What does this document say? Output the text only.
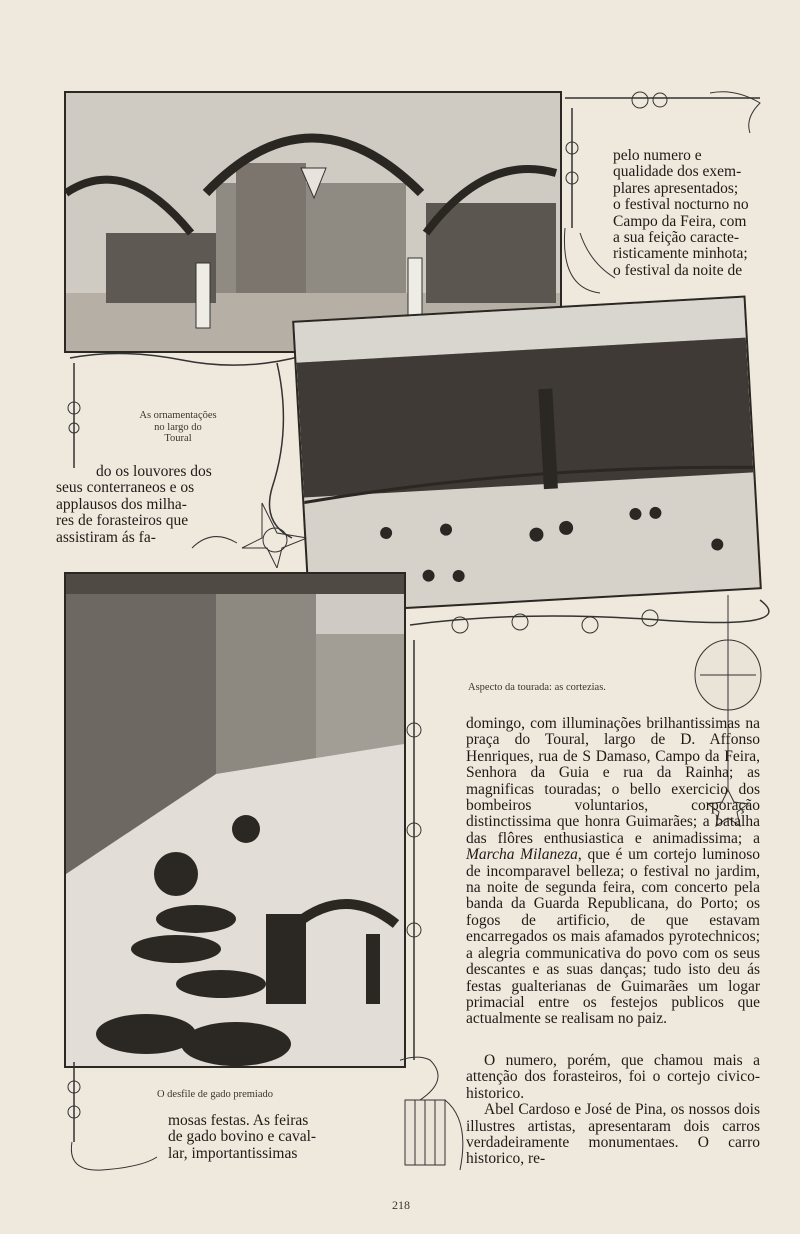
As ornamentações
no largo do
Toural
pelo numero e
qualidade dos exem-
plares apresentados;
o festival nocturno no
Campo da Feira, com
a sua feição caracte-
risticamente minhota;
o festival da noite de
do os louvores dos
seus conterraneos e os
applausos dos milha-
res de forasteiros que
assistiram ás fa-
Aspecto da tourada: as cortezias.

domingo, com illuminações brilhantissimas na praça do Toural, largo de D. Affonso Henriques, rua de S Damaso, Campo da Feira, Senhora da Guia e rua da Rainha; as magnificas touradas; o bello exercicio dos bombeiros voluntarios, corporação distinctissima que honra Guimarães; a batalha das flôres enthusiastica e animadissima; a Marcha Milaneza, que é um cortejo luminoso de incomparavel belleza; o festival no jardim, na noite de segunda feira, com concerto pela banda da Guarda Republicana, do Porto; os fogos de artificio, de que estavam encarregados os mais afamados pyrotechnicos; a alegria communicativa do povo com os seus descantes e as suas danças; tudo isto deu ás festas gualterianas de Guimarães um logar primacial entre os festejos publicos que actualmente se realisam no paiz.

O numero, porém, que chamou mais a attenção dos forasteiros, foi o cortejo civico-historico.

Abel Cardoso e José de Pina, os nossos dois illustres artistas, apresentaram dois carros verdadeiramente monumentaes. O carro historico, re-

O desfile de gado premiado
mosas festas. As feiras
de gado bovino e caval-
lar, importantissimas
218
